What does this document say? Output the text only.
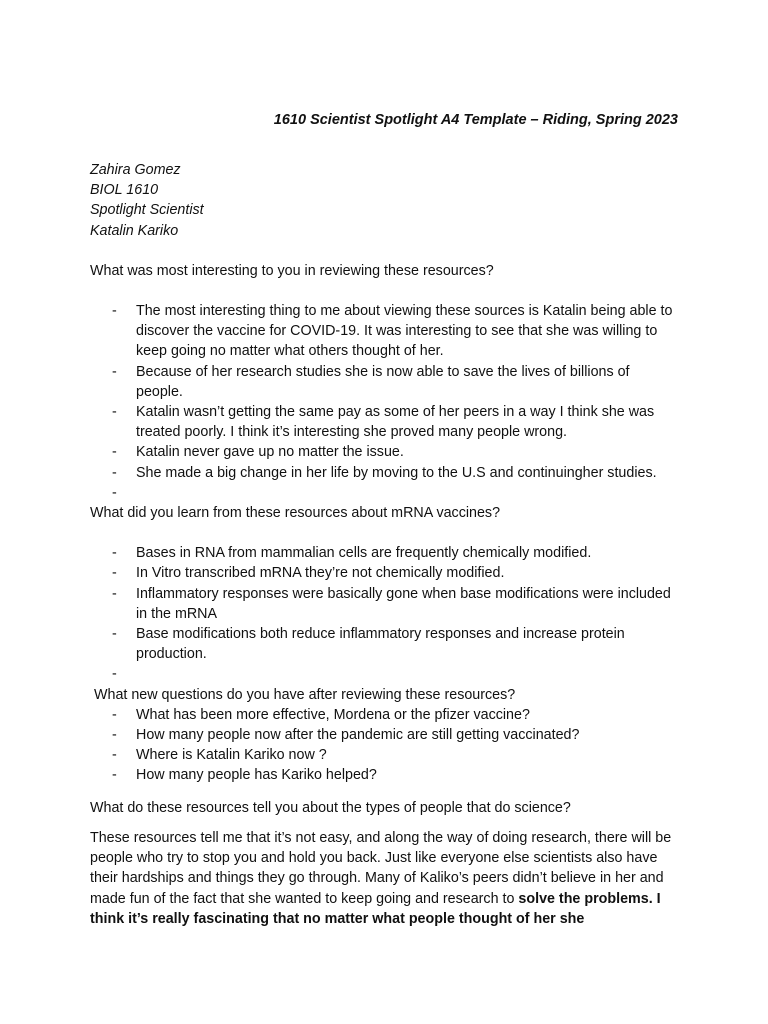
1610 Scientist Spotlight A4 Template – Riding, Spring 2023
Zahira Gomez
BIOL 1610
Spotlight Scientist
Katalin Kariko
What was most interesting to you in reviewing these resources?
- The most interesting thing to me about viewing these sources is Katalin being able to discover the vaccine for COVID-19. It was interesting to see that she was willing to keep going no matter what others thought of her.
- Because of her research studies she is now able to save the lives of billions of people.
- Katalin wasn’t getting the same pay as some of her peers in a way I think she was treated poorly. I think it’s interesting she proved many people wrong.
- Katalin never gave up no matter the issue.
- She made a big change in her life by moving to the U.S and continuingher studies.
-
What did you learn from these resources about mRNA vaccines?
- Bases in RNA from mammalian cells are frequently chemically modified.
- In Vitro transcribed mRNA they’re not chemically modified.
- Inflammatory responses were basically gone when base modifications were included in the mRNA
- Base modifications both reduce inflammatory responses and increase protein production.
-
What new questions do you have after reviewing these resources?
- What has been more effective, Mordena or the pfizer vaccine?
- How many people now after the pandemic are still getting vaccinated?
- Where is Katalin Kariko now ?
- How many people has Kariko helped?
What do these resources tell you about the types of people that do science?
These resources tell me that it’s not easy, and along the way of doing research, there will be people who try to stop you and hold you back. Just like everyone else scientists also have their hardships and things they go through. Many of Kaliko’s peers didn’t believe in her and made fun of the fact that she wanted to keep going and research to solve the problems. I think it’s really fascinating that no matter what people thought of her she
